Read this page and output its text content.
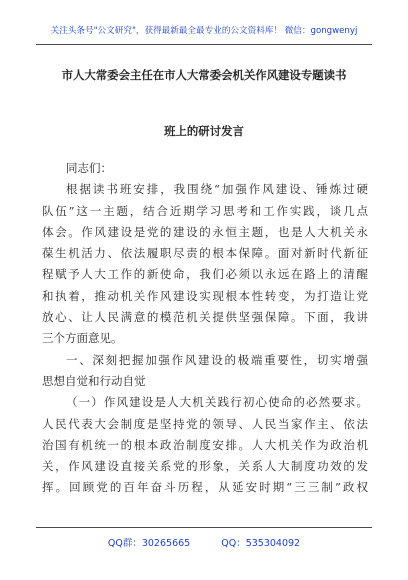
关注头条号"公文研究"，获得最新最全最专业的公文资料库！ 微信：gongwenyj
市人大常委会主任在市人大常委会机关作风建设专题读书
班上的研讨发言
同志们：
根据读书班安排，我围绕“加强作风建设、锤炼过硬
队伍”这一主题，结合近期学习思考和工作实践，谈几点
体会。作风建设是党的建设的永恒主题，也是人大机关永
葆生机活力、依法履职尽责的根本保障。面对新时代新征
程赋予人大工作的新使命，我们必须以永远在路上的清醒
和执着，推动机关作风建设实现根本性转变，为打造让党
放心、让人民满意的模范机关提供坚强保障。下面，我讲
三个方面意见。
一、深刻把握加强作风建设的极端重要性，切实增强
思想自觉和行动自觉
（一）作风建设是人大机关践行初心使命的必然要求。
人民代表大会制度是坚持党的领导、人民当家作主、依法
治国有机统一的根本政治制度安排。人大机关作为政治机
关，作风建设直接关系党的形象，关系人大制度功效的发
挥。回顾党的百年奋斗历程，从延安时期“三三制”政权
QQ群：30265665	QQ：535304092
